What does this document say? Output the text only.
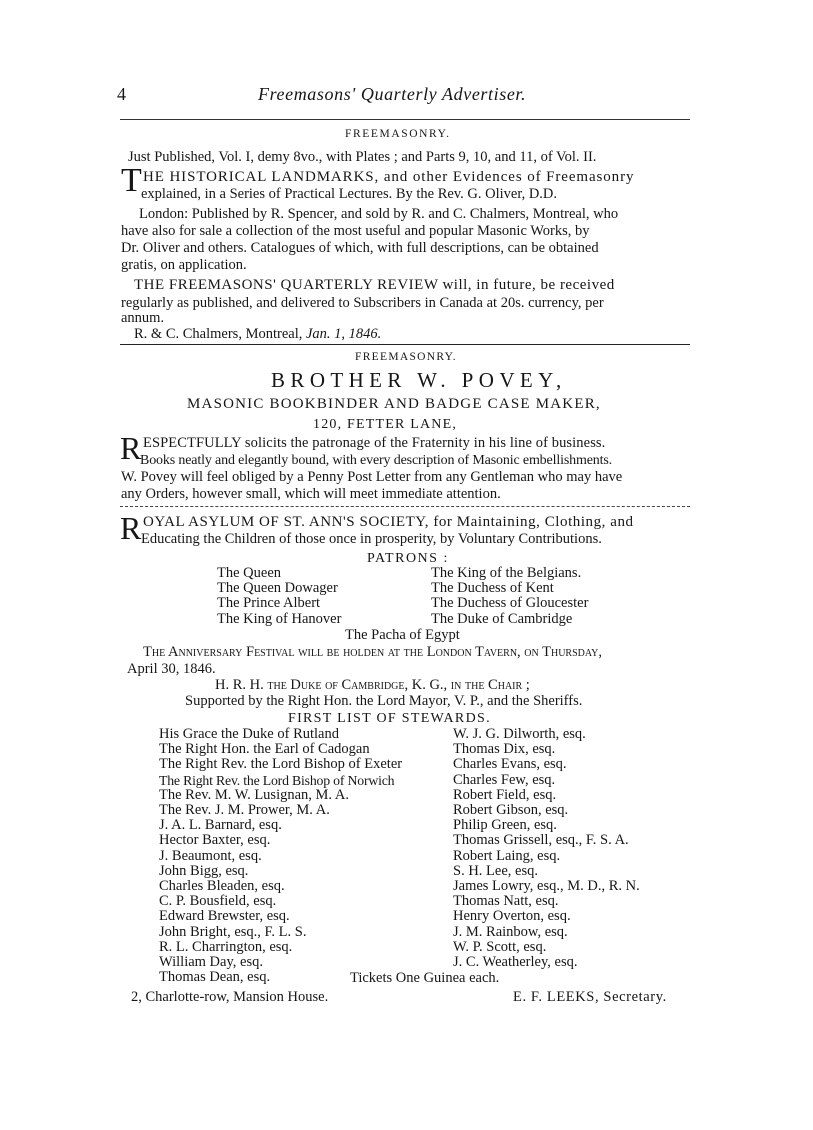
4	Freemasons' Quarterly Advertiser.
FREEMASONRY.
Just Published, Vol. I, demy 8vo., with Plates ; and Parts 9, 10, and 11, of Vol. II.
T HE HISTORICAL LANDMARKS, and other Evidences of Freemasonry
explained, in a Series of Practical Lectures. By the Rev. G. Oliver, D.D.
London: Published by R. Spencer, and sold by R. and C. Chalmers, Montreal, who
have also for sale a collection of the most useful and popular Masonic Works, by
Dr. Oliver and others. Catalogues of which, with full descriptions, can be obtained
gratis, on application.
THE FREEMASONS' QUARTERLY REVIEW will, in future, be received
regularly as published, and delivered to Subscribers in Canada at 20s. currency, per
annum.
R. & C. Chalmers, Montreal, Jan. 1, 1846.
FREEMASONRY.
BROTHER W. POVEY,
MASONIC BOOKBINDER AND BADGE CASE MAKER,
120, FETTER LANE,
R ESPECTFULLY solicits the patronage of the Fraternity in his line of business.
Books neatly and elegantly bound, with every description of Masonic embellishments.
W. Povey will feel obliged by a Penny Post Letter from any Gentleman who may have
any Orders, however small, which will meet immediate attention.
R OYAL ASYLUM OF ST. ANN'S SOCIETY, for Maintaining, Clothing, and
Educating the Children of those once in prosperity, by Voluntary Contributions.
PATRONS :
The Queen
The Queen Dowager
The Prince Albert
The King of Hanover
The King of the Belgians.
The Duchess of Kent
The Duchess of Gloucester
The Duke of Cambridge
The Pacha of Egypt
The Anniversary Festival will be holden at the London Tavern, on Thursday,
April 30, 1846.
H. R. H. the Duke of Cambridge, K. G., in the Chair ;
Supported by the Right Hon. the Lord Mayor, V. P., and the Sheriffs.
FIRST LIST OF STEWARDS.
His Grace the Duke of Rutland
The Right Hon. the Earl of Cadogan
The Right Rev. the Lord Bishop of Exeter
The Right Rev. the Lord Bishop of Norwich
The Rev. M. W. Lusignan, M. A.
The Rev. J. M. Prower, M. A.
J. A. L. Barnard, esq.
Hector Baxter, esq.
J. Beaumont, esq.
John Bigg, esq.
Charles Bleaden, esq.
C. P. Bousfield, esq.
Edward Brewster, esq.
John Bright, esq., F. L. S.
R. L. Charrington, esq.
William Day, esq.
Thomas Dean, esq.
W. J. G. Dilworth, esq.
Thomas Dix, esq.
Charles Evans, esq.
Charles Few, esq.
Robert Field, esq.
Robert Gibson, esq.
Philip Green, esq.
Thomas Grissell, esq., F. S. A.
Robert Laing, esq.
S. H. Lee, esq.
James Lowry, esq., M. D., R. N.
Thomas Natt, esq.
Henry Overton, esq.
J. M. Rainbow, esq.
W. P. Scott, esq.
J. C. Weatherley, esq.
Tickets One Guinea each.
2, Charlotte-row, Mansion House.	E. F. LEEKS, Secretary.
